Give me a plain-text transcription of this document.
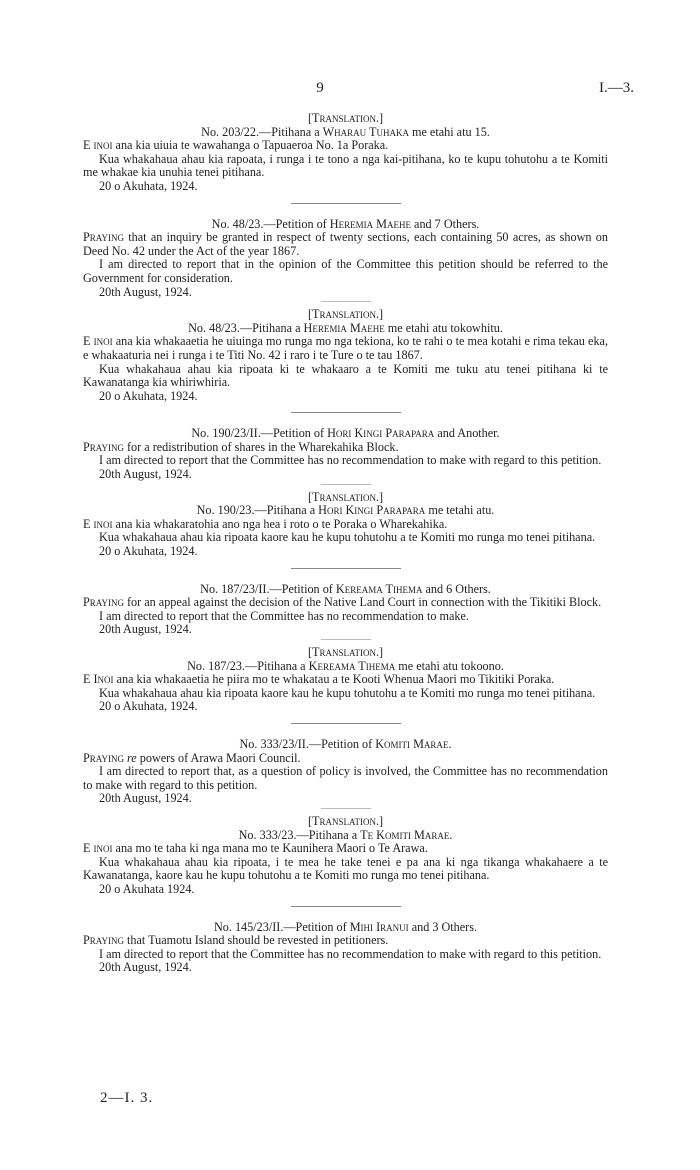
9	I.—3.

[Translation.]

No. 203/22.—Pitihana a Wharau Tuhaka me etahi atu 15.

E inoi ana kia uiuia te wawahanga o Tapuaeroa No. 1a Poraka.

Kua whakahaua ahau kia rapoata, i runga i te tono a nga kai-pitihana, ko te kupu tohutohu a te Komiti me whakae kia unuhia tenei pitihana.

20 o Akuhata, 1924.

No. 48/23.—Petition of Heremia Maehe and 7 Others.

Praying that an inquiry be granted in respect of twenty sections, each containing 50 acres, as shown on Deed No. 42 under the Act of the year 1867.

I am directed to report that in the opinion of the Committee this petition should be referred to the Government for consideration.

20th August, 1924.

[Translation.]

No. 48/23.—Pitihana a Heremia Maehe me etahi atu tokowhitu.

E inoi ana kia whakaaetia he uiuinga mo runga mo nga tekiona, ko te rahi o te mea kotahi e rima tekau eka, e whakaaturia nei i runga i te Titi No. 42 i raro i te Ture o te tau 1867.

Kua whakahaua ahau kia ripoata ki te whakaaro a te Komiti me tuku atu tenei pitihana ki te Kawanatanga kia whiriwhiria.

20 o Akuhata, 1924.

No. 190/23/II.—Petition of Hori Kingi Parapara and Another.

Praying for a redistribution of shares in the Wharekahika Block.

I am directed to report that the Committee has no recommendation to make with regard to this petition.

20th August, 1924.

[Translation.]

No. 190/23.—Pitihana a Hori Kingi Parapara me tetahi atu.

E inoi ana kia whakaratohia ano nga hea i roto o te Poraka o Wharekahika.

Kua whakahaua ahau kia ripoata kaore kau he kupu tohutohu a te Komiti mo runga mo tenei pitihana.

20 o Akuhata, 1924.

No. 187/23/II.—Petition of Kereama Tihema and 6 Others.

Praying for an appeal against the decision of the Native Land Court in connection with the Tikitiki Block.

I am directed to report that the Committee has no recommendation to make.

20th August, 1924.

[Translation.]

No. 187/23.—Pitihana a Kereama Tihema me etahi atu tokoono.

E Inoi ana kia whakaaetia he piira mo te whakatau a te Kooti Whenua Maori mo Tikitiki Poraka.

Kua whakahaua ahau kia ripoata kaore kau he kupu tohutohu a te Komiti mo runga mo tenei pitihana.

20 o Akuhata, 1924.

No. 333/23/II.—Petition of Komiti Marae.

Praying re powers of Arawa Maori Council.

I am directed to report that, as a question of policy is involved, the Committee has no recommendation to make with regard to this petition.

20th August, 1924.

[Translation.]

No. 333/23.—Pitihana a Te Komiti Marae.

E inoi ana mo te taha ki nga mana mo te Kaunihera Maori o Te Arawa.

Kua whakahaua ahau kia ripoata, i te mea he take tenei e pa ana ki nga tikanga whakahaere a te Kawanatanga, kaore kau he kupu tohutohu a te Komiti mo runga mo tenei pitihana.

20 o Akuhata 1924.

No. 145/23/II.—Petition of Mihi Iranui and 3 Others.

Praying that Tuamotu Island should be revested in petitioners.

I am directed to report that the Committee has no recommendation to make with regard to this petition.

20th August, 1924.

2—I. 3.
